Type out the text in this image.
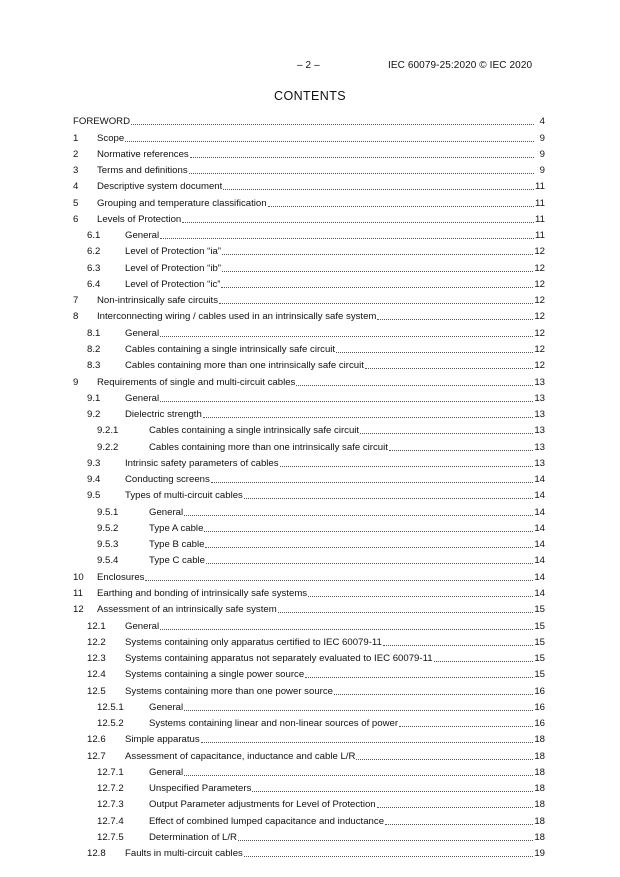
– 2 –	IEC 60079-25:2020 © IEC 2020
CONTENTS
FOREWORD	4
1	Scope	9
2	Normative references	9
3	Terms and definitions	9
4	Descriptive system document	11
5	Grouping and temperature classification	11
6	Levels of Protection	11
6.1	General	11
6.2	Level of Protection “ia”	12
6.3	Level of Protection “ib”	12
6.4	Level of Protection “ic”	12
7	Non-intrinsically safe circuits	12
8	Interconnecting wiring / cables used in an intrinsically safe system	12
8.1	General	12
8.2	Cables containing a single intrinsically safe circuit	12
8.3	Cables containing more than one intrinsically safe circuit	12
9	Requirements of single and multi-circuit cables	13
9.1	General	13
9.2	Dielectric strength	13
9.2.1	Cables containing a single intrinsically safe circuit	13
9.2.2	Cables containing more than one intrinsically safe circuit	13
9.3	Intrinsic safety parameters of cables	13
9.4	Conducting screens	14
9.5	Types of multi-circuit cables	14
9.5.1	General	14
9.5.2	Type A cable	14
9.5.3	Type B cable	14
9.5.4	Type C cable	14
10	Enclosures	14
11	Earthing and bonding of intrinsically safe systems	14
12	Assessment of an intrinsically safe system	15
12.1	General	15
12.2	Systems containing only apparatus certified to IEC 60079-11	15
12.3	Systems containing apparatus not separately evaluated to IEC 60079-11	15
12.4	Systems containing a single power source	15
12.5	Systems containing more than one power source	16
12.5.1	General	16
12.5.2	Systems containing linear and non-linear sources of power	16
12.6	Simple apparatus	18
12.7	Assessment of capacitance, inductance and cable L/R	18
12.7.1	General	18
12.7.2	Unspecified Parameters	18
12.7.3	Output Parameter adjustments for Level of Protection	18
12.7.4	Effect of combined lumped capacitance and inductance	18
12.7.5	Determination of L/R	18
12.8	Faults in multi-circuit cables	19
